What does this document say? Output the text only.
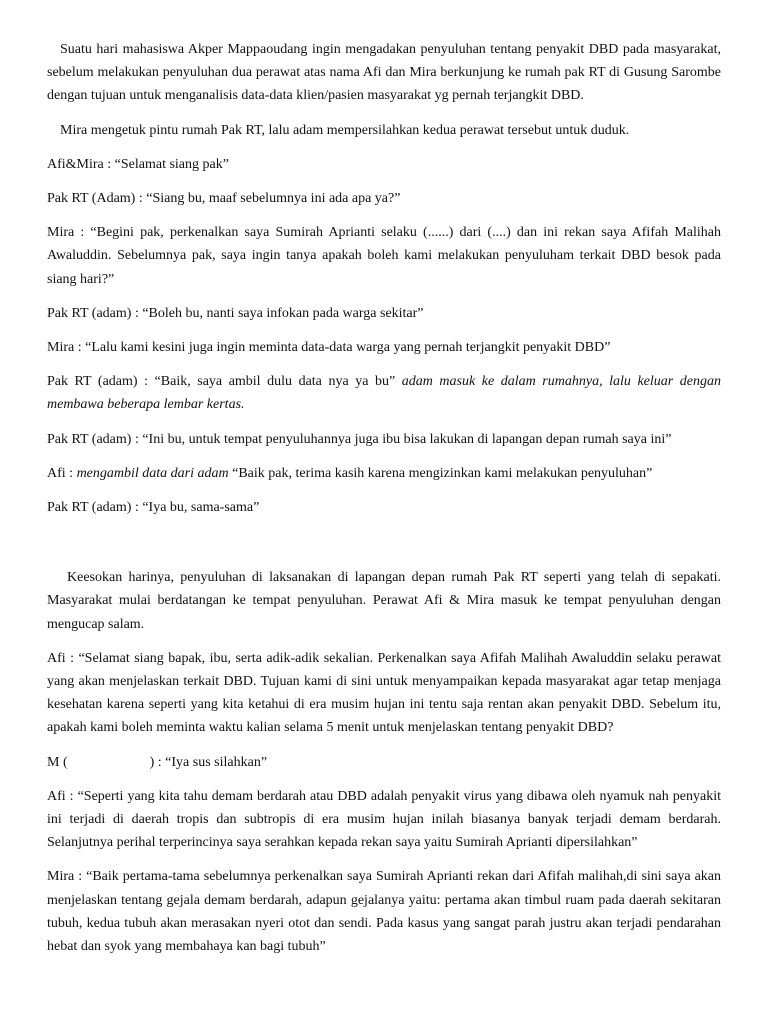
Suatu hari mahasiswa Akper Mappaoudang ingin mengadakan penyuluhan tentang penyakit DBD pada masyarakat, sebelum melakukan penyuluhan dua perawat atas nama Afi dan Mira berkunjung ke rumah pak RT di Gusung Sarombe dengan tujuan untuk menganalisis data-data klien/pasien masyarakat yg pernah terjangkit DBD.

Mira mengetuk pintu rumah Pak RT, lalu adam mempersilahkan kedua perawat tersebut untuk duduk.

Afi&Mira : “Selamat siang pak”

Pak RT (Adam) : “Siang bu, maaf sebelumnya ini ada apa ya?”

Mira : “Begini pak, perkenalkan saya Sumirah Aprianti selaku (......) dari (....) dan ini rekan saya Afifah Malihah Awaluddin. Sebelumnya pak, saya ingin tanya apakah boleh kami melakukan penyuluham terkait DBD besok pada siang hari?”

Pak RT (adam) : “Boleh bu, nanti saya infokan pada warga sekitar”

Mira : “Lalu kami kesini juga ingin meminta data-data warga yang pernah terjangkit penyakit DBD”

Pak RT (adam) : “Baik, saya ambil dulu data nya ya bu” adam masuk ke dalam rumahnya, lalu keluar dengan membawa beberapa lembar kertas.

Pak RT (adam) : “Ini bu, untuk tempat penyuluhannya juga ibu bisa lakukan di lapangan depan rumah saya ini”

Afi : mengambil data dari adam “Baik pak, terima kasih karena mengizinkan kami melakukan penyuluhan”

Pak RT (adam) : “Iya bu, sama-sama”

Keesokan harinya, penyuluhan di laksanakan di lapangan depan rumah Pak RT seperti yang telah di sepakati. Masyarakat mulai berdatangan ke tempat penyuluhan. Perawat Afi & Mira masuk ke tempat penyuluhan dengan mengucap salam.

Afi : “Selamat siang bapak, ibu, serta adik-adik sekalian. Perkenalkan saya Afifah Malihah Awaluddin selaku perawat yang akan menjelaskan terkait DBD. Tujuan kami di sini untuk menyampaikan kepada masyarakat agar tetap menjaga kesehatan karena seperti yang kita ketahui di era musim hujan ini tentu saja rentan akan penyakit DBD. Sebelum itu, apakah kami boleh meminta waktu kalian selama 5 menit untuk menjelaskan tentang penyakit DBD?

M (	) : “Iya sus silahkan”

Afi : “Seperti yang kita tahu demam berdarah atau DBD adalah penyakit virus yang dibawa oleh nyamuk nah penyakit ini terjadi di daerah tropis dan subtropis di era musim hujan inilah biasanya banyak terjadi demam berdarah. Selanjutnya perihal terperincinya saya serahkan kepada rekan saya yaitu Sumirah Aprianti dipersilahkan”

Mira : “Baik pertama-tama sebelumnya perkenalkan saya Sumirah Aprianti rekan dari Afifah malihah,di sini saya akan menjelaskan tentang gejala demam berdarah, adapun gejalanya yaitu: pertama akan timbul ruam pada daerah sekitaran tubuh, kedua tubuh akan merasakan nyeri otot dan sendi. Pada kasus yang sangat parah justru akan terjadi pendarahan hebat dan syok yang membahaya kan bagi tubuh”
